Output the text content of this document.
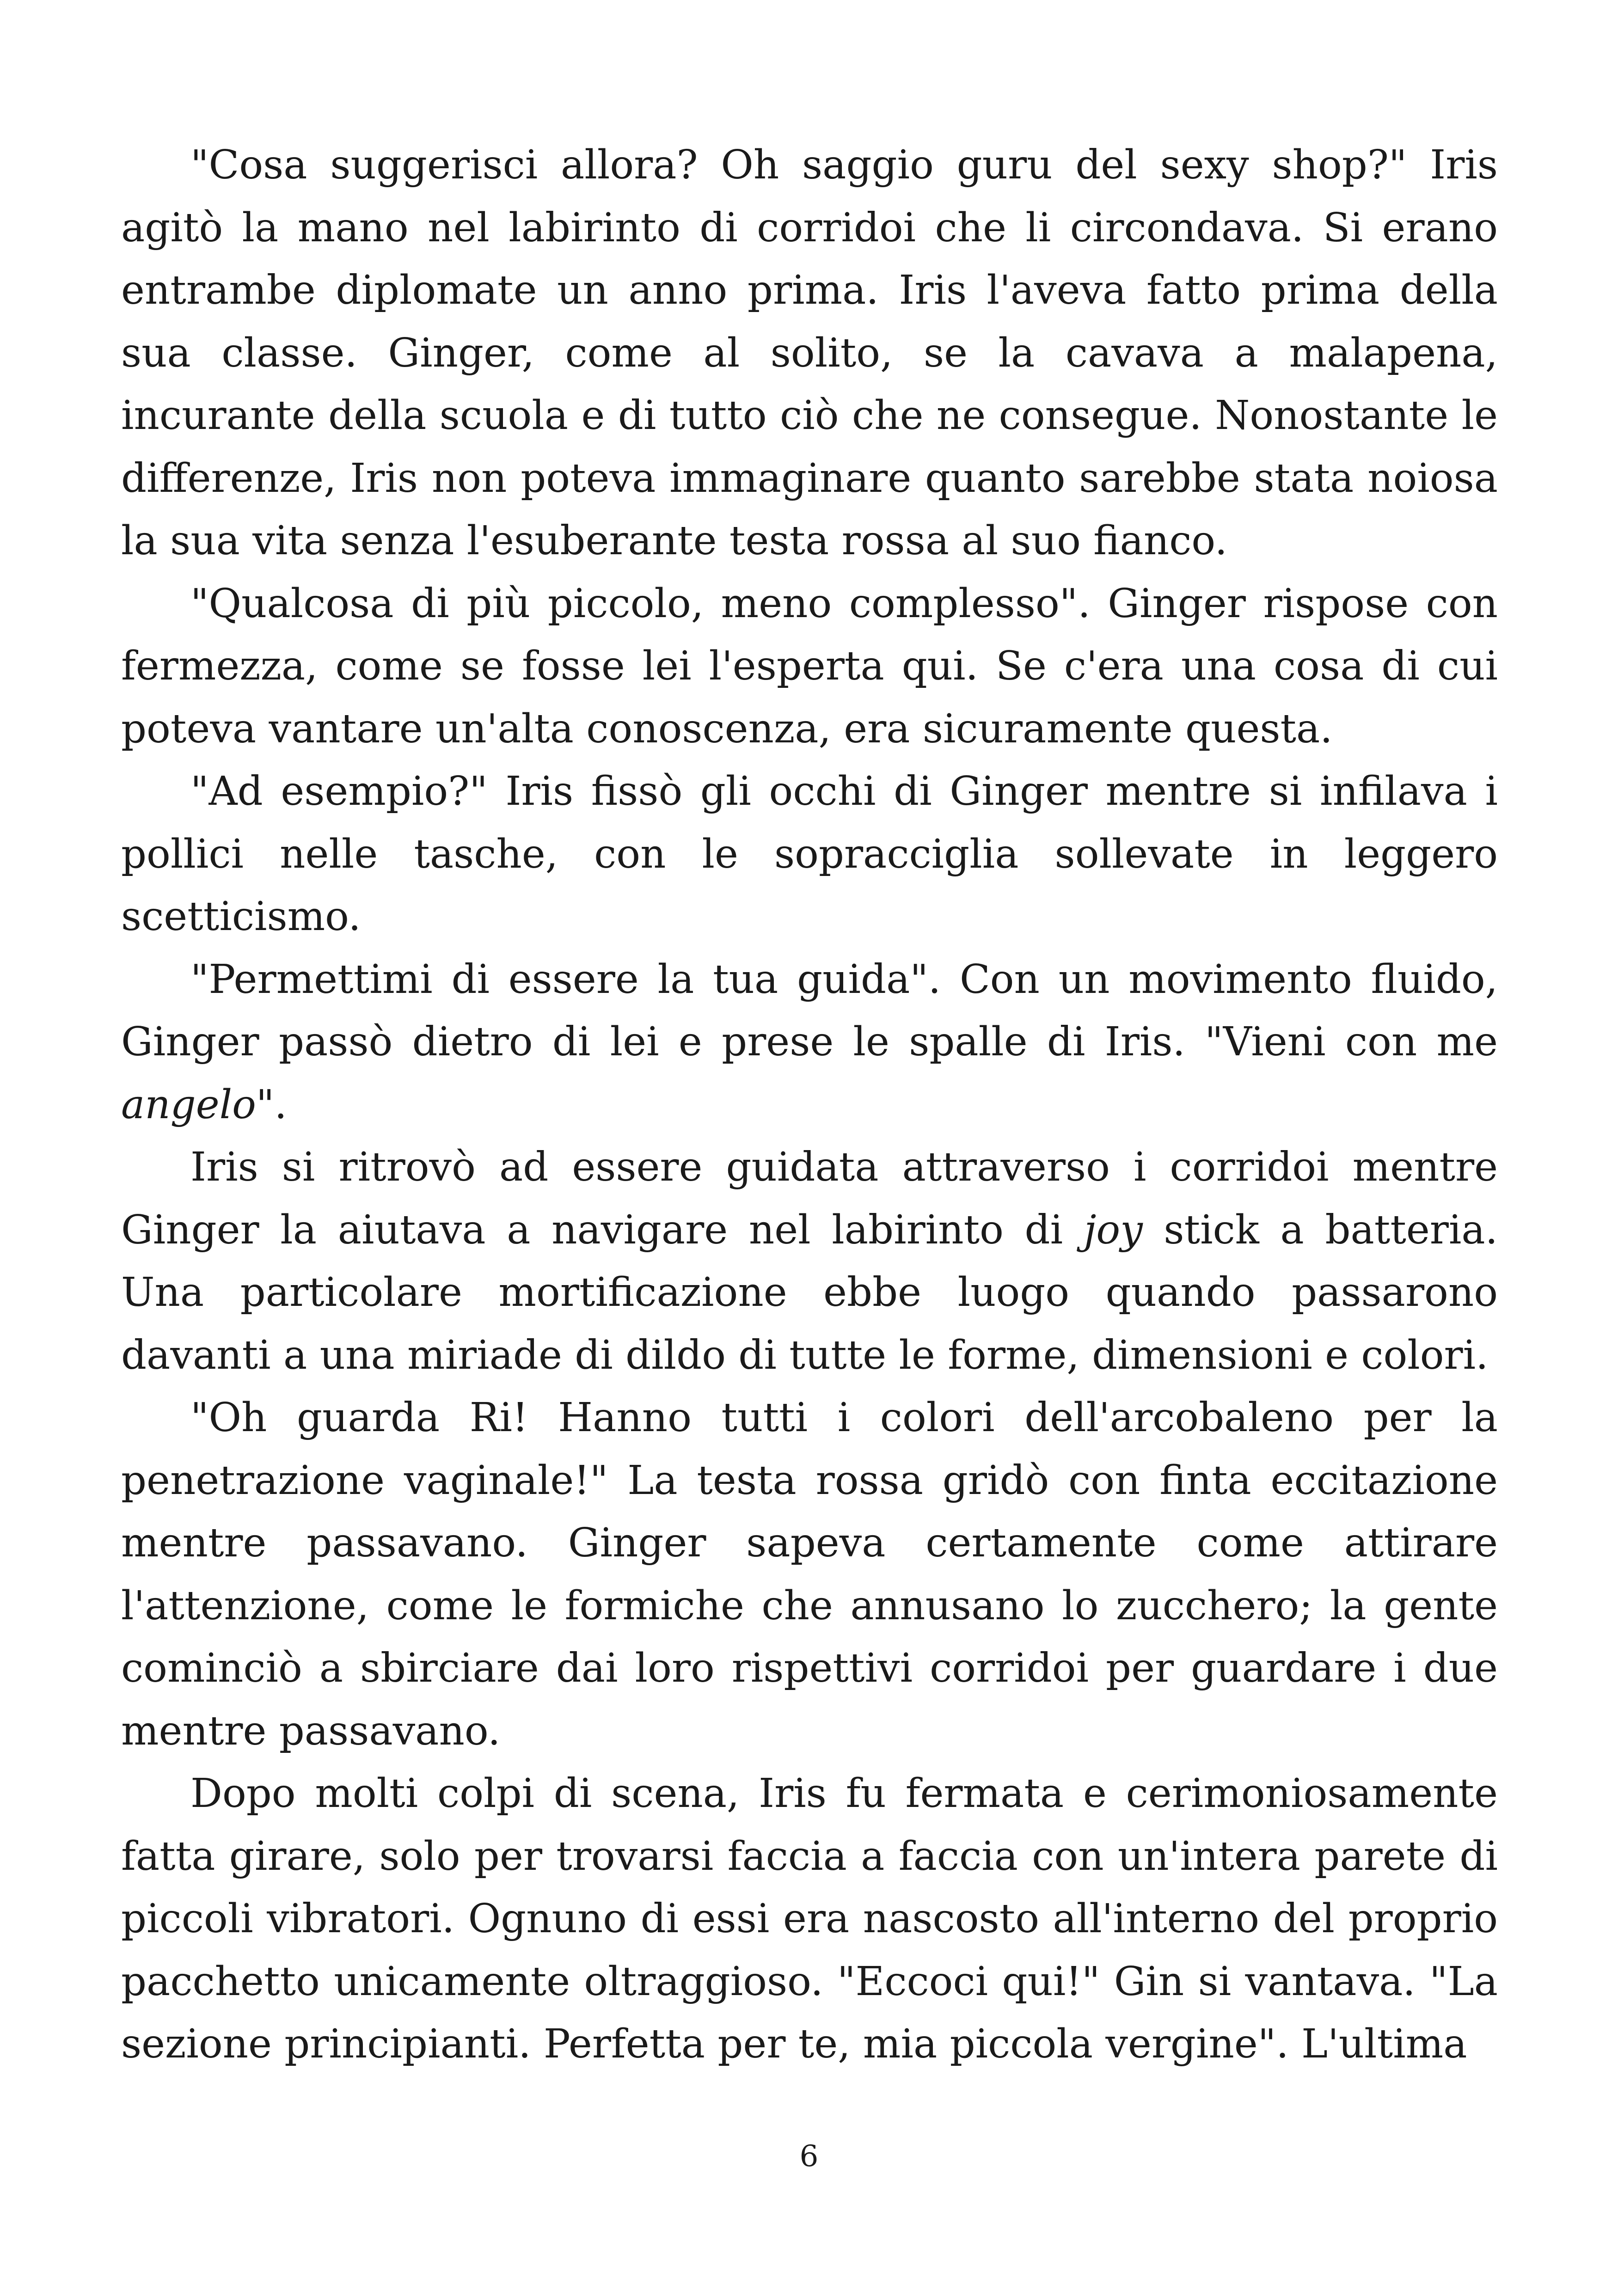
"Cosa suggerisci allora? Oh saggio guru del sexy shop?" Iris agitò la mano nel labirinto di corridoi che li circondava. Si erano entrambe diplomate un anno prima. Iris l'aveva fatto prima della sua classe. Ginger, come al solito, se la cavava a malapena, incurante della scuola e di tutto ciò che ne consegue. Nonostante le differenze, Iris non poteva immaginare quanto sarebbe stata noiosa la sua vita senza l'esuberante testa rossa al suo fianco.

"Qualcosa di più piccolo, meno complesso". Ginger rispose con fermezza, come se fosse lei l'esperta qui. Se c'era una cosa di cui poteva vantare un'alta conoscenza, era sicuramente questa.

"Ad esempio?" Iris fissò gli occhi di Ginger mentre si infilava i pollici nelle tasche, con le sopracciglia sollevate in leggero scetticismo.

"Permettimi di essere la tua guida". Con un movimento fluido, Ginger passò dietro di lei e prese le spalle di Iris. "Vieni con me angelo".

Iris si ritrovò ad essere guidata attraverso i corridoi mentre Ginger la aiutava a navigare nel labirinto di joy stick a batteria. Una particolare mortificazione ebbe luogo quando passarono davanti a una miriade di dildo di tutte le forme, dimensioni e colori.

"Oh guarda Ri! Hanno tutti i colori dell'arcobaleno per la penetrazione vaginale!" La testa rossa gridò con finta eccitazione mentre passavano. Ginger sapeva certamente come attirare l'attenzione, come le formiche che annusano lo zucchero; la gente cominciò a sbirciare dai loro rispettivi corridoi per guardare i due mentre passavano.

Dopo molti colpi di scena, Iris fu fermata e cerimoniosamente fatta girare, solo per trovarsi faccia a faccia con un'intera parete di piccoli vibratori. Ognuno di essi era nascosto all'interno del proprio pacchetto unicamente oltraggioso. "Eccoci qui!" Gin si vantava. "La sezione principianti. Perfetta per te, mia piccola vergine". L'ultima

6
